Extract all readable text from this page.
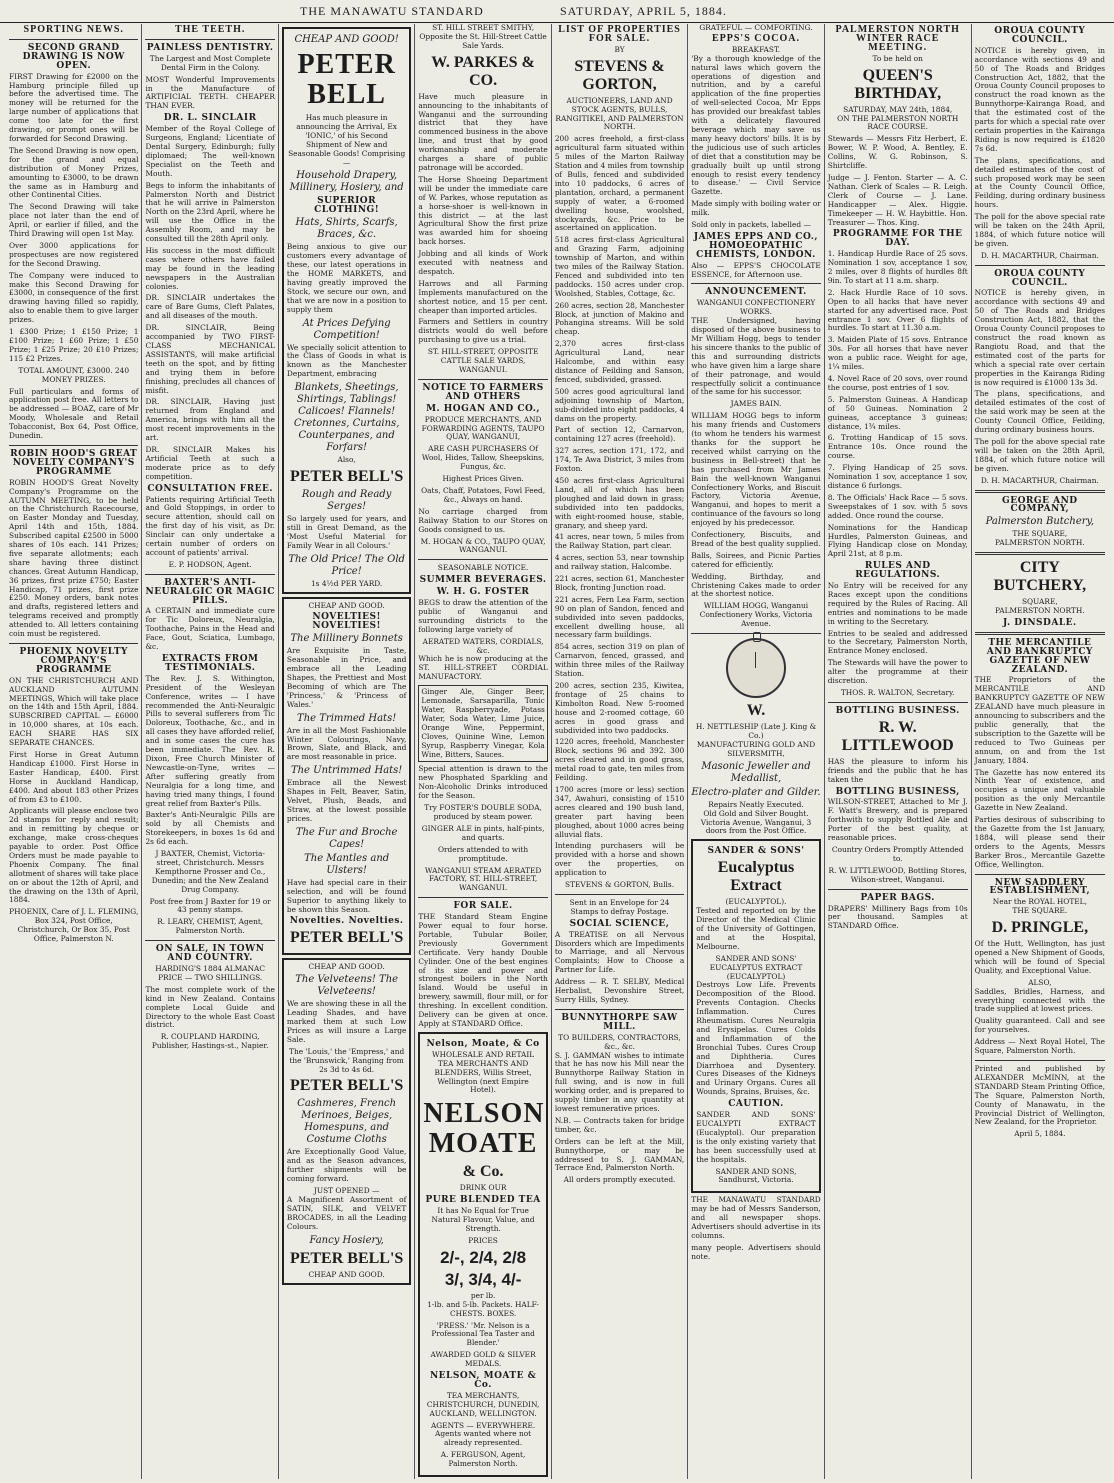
THE MANAWATU STANDARD	SATURDAY, APRIL 5, 1884.
SPORTING NEWS.
SECOND GRAND DRAWING IS NOW OPEN.

FIRST Drawing for £2000 on the Hamburg principle filled up before the advertised time. The money will be returned for the large number of applications that come too late for the first drawing, or prompt ones will be forwarded for Second Drawing.

The Second Drawing is now open, for the grand and equal distribution of Money Prizes, amounting to £3000, to be drawn the same as in Hamburg and other Continental Cities.

The Second Drawing will take place not later than the end of April, or earlier if filled, and the Third Drawing will open 1st May.

Over 3000 applications for prospectuses are now registered for the Second Drawing.

The Company were induced to make this Second Drawing for £3000, in consequence of the first drawing having filled so rapidly, also to enable them to give larger prizes.

1 £300 Prize; 1 £150 Prize; 1 £100 Prize; 1 £60 Prize; 1 £50 Prize; 1 £25 Prize; 20 £10 Prizes; 115 £2 Prizes.

TOTAL AMOUNT, £3000. 240 MONEY PRIZES.

Full particulars and forms of application post free. All letters to be addressed — BOAZ, care of Mr Moody, Wholesale and Retail Tobacconist, Box 64, Post Office, Dunedin.

ROBIN HOOD'S GREAT NOVELTY COMPANY'S PROGRAMME

ROBIN HOOD'S Great Novelty Company's Programme on the AUTUMN MEETING, to be held on the Christchurch Racecourse, on Easter Monday and Tuesday, April 14th and 15th, 1884. Subscribed capital £2500 in 5000 shares of 10s each. 141 Prizes; five separate allotments; each share having three distinct chances. Great Autumn Handicap, 36 prizes, first prize £750; Easter Handicap, 71 prizes, first prize £250. Money orders, bank notes and drafts, registered letters and telegrams received and promptly attended to. All letters containing coin must be registered.

PHOENIX NOVELTY COMPANY'S PROGRAMME

ON THE CHRISTCHURCH AND AUCKLAND AUTUMN MEETINGS, Which will take place on the 14th and 15th April, 1884. SUBSCRIBED CAPITAL — £6000 in 10,000 shares, at 10s each. EACH SHARE HAS SIX SEPARATE CHANCES.

First Horse in Great Autumn Handicap £1000. First Horse in Easter Handicap, £400. First Horse in Auckland Handicap, £400. And about 183 other Prizes of from £3 to £100.

Applicants will please enclose two 2d stamps for reply and result; and in remitting by cheque or exchange, make cross-cheques payable to order. Post Office Orders must be made payable to Phoenix Company. The final allotment of shares will take place on or about the 12th of April, and the drawing on the 13th of April, 1884.

PHOENIX, Care of J. L. FLEMING, Box 324, Post Office, Christchurch, Or Box 35, Post Office, Palmerston N.

THE TEETH.
PAINLESS DENTISTRY.

The Largest and Most Complete Dental Firm in the Colony.

MOST Wonderful Improvements in the Manufacture of ARTIFICIAL TEETH. CHEAPER THAN EVER.

DR. L. SINCLAIR

Member of the Royal College of Surgeons, England; Licentiate of Dental Surgery, Edinburgh; fully diplomaed; The well-known Specialist on the Teeth and Mouth.

Begs to inform the inhabitants of Palmerston North and District that he will arrive in Palmerston North on the 23rd April, where he will use the Office in the Assembly Room, and may be consulted till the 28th April only.

His success in the most difficult cases where others have failed may be found in the leading newspapers in the Australian colonies.

DR. SINCLAIR undertakes the care of Bare Gums, Cleft Palates, and all diseases of the mouth.

DR. SINCLAIR, Being accompanied by TWO FIRST-CLASS MECHANICAL ASSISTANTS, will make artificial teeth on the spot, and by fitting and trying them in before finishing, precludes all chances of misfit.

DR. SINCLAIR, Having just returned from England and America, brings with him all the most recent improvements in the art.

DR. SINCLAIR Makes his Artificial Teeth at such a moderate price as to defy competition.

CONSULTATION FREE.

Patients requiring Artificial Teeth and Gold Stoppings, in order to secure attention, should call on the first day of his visit, as Dr. Sinclair can only undertake a certain number of orders on account of patients' arrival.

E. P. HODSON, Agent.

BAXTER'S ANTI-NEURALGIC OR MAGIC PILLS.

A CERTAIN and immediate cure for Tic Doloreux, Neuralgia, Toothache, Pains in the Head and Face, Gout, Sciatica, Lumbago, &c.

EXTRACTS FROM TESTIMONIALS.

The Rev. J. S. Withington, President of the Wesleyan Conference, writes — I have recommended the Anti-Neuralgic Pills to several sufferers from Tic Doloreux, Toothache, &c., and in all cases they have afforded relief, and in some cases the cure has been immediate. The Rev. R. Dixon, Free Church Minister of Newcastle-on-Tyne, writes — After suffering greatly from Neuralgia for a long time, and having tried many things, I found great relief from Baxter's Pills.

Baxter's Anti-Neuralgic Pills are sold by all Chemists and Storekeepers, in boxes 1s 6d and 2s 6d each.

J BAXTER, Chemist, Victoria-street, Christchurch. Messrs Kempthorne Prosser and Co., Dunedin; and the New Zealand Drug Company.

Post free from J Baxter for 19 or 43 penny stamps.

R. LEARY, CHEMIST, Agent, Palmerston North.

ON SALE, IN TOWN AND COUNTRY.

HARDING'S 1884 ALMANAC PRICE — TWO SHILLINGS.

The most complete work of the kind in New Zealand. Contains complete Local Guide and Directory to the whole East Coast district.

R. COUPLAND HARDING, Publisher, Hastings-st., Napier.

CHEAP AND GOOD!
PETER BELL

Has much pleasure in announcing the Arrival, Ex 'IONIC,' of his Second Shipment of New and Seasonable Goods! Comprising —

Household Drapery, Millinery, Hosiery, and
SUPERIOR CLOTHING!
Hats, Shirts, Scarfs, Braces, &c.

Being anxious to give our customers every advantage of these, our latest operations in the HOME MARKETS, and having greatly improved the Stock, we secure our own, and that we are now in a position to supply them

At Prices Defying Competition!

We specially solicit attention to the Class of Goods in what is known as the Manchester Department, embracing

Blankets, Sheetings, Shirtings, Tablings! Calicoes! Flannels! Cretonnes, Curtains, Counterpanes, and Forfars!
Also,
PETER BELL'S
Rough and Ready Serges!

So largely used for years, and still in Great Demand, as the 'Most Useful Material for Family Wear in all Colours.'

The Old Price! The Old Price!
1s 4½d PER YARD.
CHEAP AND GOOD.
NOVELTIES! NOVELTIES!
The Millinery Bonnets

Are Exquisite in Taste, Seasonable in Price, and embrace all the Leading Shapes, the Prettiest and Most Becoming of which are The 'Princess,' & 'Princess of Wales.'

The Trimmed Hats!

Are in all the Most Fashionable Winter Colourings, Navy, Brown, Slate, and Black, and are most reasonable in price.

The Untrimmed Hats!

Embrace all the Newest Shapes in Felt, Beaver, Satin, Velvet, Plush, Beads, and Straw, at the lowest possible prices.

The Fur and Broche Capes!
The Mantles and Ulsters!

Have had special care in their selection, and will be found Superior to anything likely to be shown this Season.

Novelties. Novelties.
PETER BELL'S
CHEAP AND GOOD.
The Velveteens! The Velveteens!

We are showing these in all the Leading Shades, and have marked them at such Low Prices as will insure a Large Sale.

The 'Louis,' the 'Empress,' and the 'Brunswick,' Ranging from 2s 3d to 4s 6d.

PETER BELL'S
Cashmeres, French Merinoes, Beiges, Homespuns, and Costume Cloths

Are Exceptionally Good Value, and as the Season advances, further shipments will be coming forward.

JUST OPENED —

A Magnificent Assortment of SATIN, SILK, and VELVET BROCADES, in all the Leading Colours.

Fancy Hosiery,
PETER BELL'S
CHEAP AND GOOD.

ST. HILL STREET SMITHY, Opposite the St. Hill-Street Cattle Sale Yards.

W. PARKES & CO.

Have much pleasure in announcing to the inhabitants of Wanganui and the surrounding district that they have commenced business in the above line, and trust that by good workmanship and moderate charges a share of public patronage will be accorded.

The Horse Shoeing Department will be under the immediate care of W. Parkes, whose reputation as a horse-shoer is well-known in this district — at the last Agricultural Show the first prize was awarded him for shoeing back horses.

Jobbing and all kinds of Work executed with neatness and despatch.

Harrows and all Farming Implements manufactured on the shortest notice, and 15 per cent. cheaper than imported articles.

Farmers and Settlers in country districts would do well before purchasing to give us a trial.

ST. HILL-STREET, OPPOSITE CATTLE SALE YARDS, WANGANUI.

NOTICE TO FARMERS AND OTHERS
M. HOGAN AND CO.,

PRODUCE MERCHANTS, AND FORWARDING AGENTS, TAUPO QUAY, WANGANUI,

ARE CASH PURCHASERS Of Wool, Hides, Tallow, Sheepskins, Fungus, &c.

Highest Prices Given.

Oats, Chaff, Potatoes, Fowl Feed, &c., Always on hand.

No carriage charged from Railway Station to our Stores on Goods consigned to us.

M. HOGAN & CO., TAUPO QUAY, WANGANUI.

SEASONABLE NOTICE.
SUMMER BEVERAGES.
W. H. G. FOSTER

BEGS to draw the attention of the public of Wanganui and surrounding districts to the following large variety of

AERATED WATERS, CORDIALS, &c.

Which he is now producing at the ST. HILL-STREET CORDIAL MANUFACTORY.

Ginger Ale, Ginger Beer, Lemonade, Sarsaparilla, Tonic Water, Raspberryade, Potass Water, Soda Water, Lime Juice, Orange Wine, Peppermint, Cloves, Quinine Wine, Lemon Syrup, Raspberry Vinegar, Kola Wine, Bitters, Sauces.

Special attention is drawn to the new Phosphated Sparkling and Non-Alcoholic Drinks introduced for the Season.

Try FOSTER'S DOUBLE SODA, produced by steam power.

GINGER ALE in pints, half-pints, and quarts.

Orders attended to with promptitude.

WANGANUI STEAM AERATED FACTORY, ST. HILL-STREET, WANGANUI.

FOR SALE.

THE Standard Steam Engine Power equal to four horse. Portable, Tubular Boiler, Previously Government Certificate. Very handy Double Cylinder. One of the best engines of its size and power and strongest boilers in the North Island. Would be useful in brewery, sawmill, flour mill, or for threshing. In excellent condition. Delivery can be given at once. Apply at STANDARD Office.

Nelson, Moate, & Co

WHOLESALE AND RETAIL TEA MERCHANTS AND BLENDERS, Willis Street, Wellington (next Empire Hotel).

NELSON MOATE
& Co.
DRINK OUR
PURE BLENDED TEA

It has No Equal for True Natural Flavour, Value, and Strength.

PRICES
2/-, 2/4, 2/8
3/, 3/4, 4/-
per lb.

1-lb. and 5-lb. Packets. HALF-CHESTS. BOXES.

'PRESS.' 'Mr. Nelson is a Professional Tea Taster and Blender.'

AWARDED GOLD & SILVER MEDALS.
NELSON, MOATE & Co.

TEA MERCHANTS, CHRISTCHURCH, DUNEDIN, AUCKLAND, WELLINGTON.

AGENTS — EVERYWHERE.

Agents wanted where not already represented.

A. FERGUSON, Agent, Palmerston North.

LIST OF PROPERTIES FOR SALE.
BY
STEVENS & GORTON,

AUCTIONEERS, LAND AND STOCK AGENTS, BULLS, RANGITIKEI, AND PALMERSTON NORTH.

200 acres freehold, a first-class agricultural farm situated within 5 miles of the Marton Railway Station and 4 miles from township of Bulls, fenced and subdivided into 10 paddocks, 6 acres of plantation, orchard, a permanent supply of water, a 6-roomed dwelling house, woolshed, stockyards, &c. Price to be ascertained on application.

518 acres first-class Agricultural and Grazing Farm, adjoining township of Marton, and within two miles of the Railway Station. Fenced and subdivided into ten paddocks. 150 acres under crop. Woolshed, Stables, Cottage, &c.

260 acres, section 28, Manchester Block, at junction of Makino and Pohangina streams. Will be sold cheap.

2,370 acres first-class Agricultural Land, near Halcombe, and within easy distance of Feilding and Sanson, fenced, subdivided, grassed.

500 acres good agricultural land adjoining township of Marton, sub-divided into eight paddocks, 4 dams on the property.

Part of section 12, Carnarvon, containing 127 acres (freehold).

327 acres, section 171, 172, and 174, Te Awa District, 3 miles from Foxton.

450 acres first-class Agricultural Land, all of which has been ploughed and laid down in grass; subdivided into ten paddocks, with eight-roomed house, stable, granary, and sheep yard.

41 acres, near town, 5 miles from the Railway Station, part clear.

4 acres, section 53, near township and railway station, Halcombe.

221 acres, section 61, Manchester Block, fronting Junction road.

221 acres, Fern Lea Farm, section 90 on plan of Sandon, fenced and subdivided into seven paddocks, excellent dwelling house, all necessary farm buildings.

854 acres, section 319 on plan of Carnarvon, fenced, grassed, and within three miles of the Railway Station.

200 acres, section 235, Kiwitea, frontage of 25 chains to Kimbolton Road. New 5-roomed house and 2-roomed cottage, 60 acres in good grass and subdivided into two paddocks.

1220 acres, freehold, Manchester Block, sections 96 and 392. 300 acres cleared and in good grass, metal road to gate, ten miles from Feilding.

1700 acres (more or less) section 347, Awahuri, consisting of 1510 acres cleared and 190 bush land, greater part having been ploughed, about 1000 acres being alluvial flats.

Intending purchasers will be provided with a horse and shown over the properties, on application to

STEVENS & GORTON, Bulls.

Sent in an Envelope for 24 Stamps to defray Postage.

SOCIAL SCIENCE,

A TREATISE on all Nervous Disorders which are Impediments to Marriage, and all Nervous Complaints; How to Choose a Partner for Life.

Address — R. T. SELBY, Medical Herbalist, Devonshire Street, Surry Hills, Sydney.

BUNNYTHORPE SAW MILL.
TO BUILDERS, CONTRACTORS, &c., &c.

S. J. GAMMAN wishes to intimate that he has now his Mill near the Bunnythorpe Railway Station in full swing, and is now in full working order, and is prepared to supply timber in any quantity at lowest remunerative prices.

N.B. — Contracts taken for bridge timber, &c.

Orders can be left at the Mill, Bunnythorpe, or may be addressed to S. J. GAMMAN, Terrace End, Palmerston North.

All orders promptly executed.

GRATEFUL — COMFORTING.
EPPS'S COCOA.
BREAKFAST.

'By a thorough knowledge of the natural laws which govern the operations of digestion and nutrition, and by a careful application of the fine properties of well-selected Cocoa, Mr Epps has provided our breakfast tables with a delicately flavoured beverage which may save us many heavy doctors' bills. It is by the judicious use of such articles of diet that a constitution may be gradually built up until strong enough to resist every tendency to disease.' — Civil Service Gazette.

Made simply with boiling water or milk.

Sold only in packets, labelled —

JAMES EPPS AND CO., HOMOEOPATHIC CHEMISTS, LONDON.

Also — EPPS'S CHOCOLATE ESSENCE, for Afternoon use.

ANNOUNCEMENT.
WANGANUI CONFECTIONERY WORKS.

THE Undersigned, having disposed of the above business to Mr William Hogg, begs to tender his sincere thanks to the public of this and surrounding districts who have given him a large share of their patronage, and would respectfully solicit a continuance of the same for his successor.

JAMES BAIN.

WILLIAM HOGG begs to inform his many friends and Customers (to whom he tenders his warmest thanks for the support he received whilst carrying on the business in Bell-street) that he has purchased from Mr James Bain the well-known Wanganui Confectionery Works, and Biscuit Factory, Victoria Avenue, Wanganui, and hopes to merit a continuance of the favours so long enjoyed by his predecessor.

Confectionery, Biscuits, and Bread of the best quality supplied.

Balls, Soirees, and Picnic Parties catered for efficiently.

Wedding, Birthday, and Christening Cakes made to order at the shortest notice.

WILLIAM HOGG, Wanganui Confectionery Works, Victoria Avenue.

W.
H. NETTLESHIP (Late J. King & Co.)
MANUFACTURING GOLD AND SILVERSMITH,
Masonic Jeweller and Medallist,
Electro-plater and Gilder.
Repairs Neatly Executed.
Old Gold and Silver Bought.

Victoria Avenue, Wanganui, 3 doors from the Post Office.

SANDER & SONS'
Eucalyptus Extract
(EUCALYPTOL).

Tested and reported on by the Director of the Medical Clinic of the University of Gottingen, and at the Hospital, Melbourne.

SANDER AND SONS' EUCALYPTUS EXTRACT (EUCALYPTOL)

Destroys Low Life. Prevents Decomposition of the Blood. Prevents Contagion. Checks Inflammation. Cures Rheumatism. Cures Neuralgia and Erysipelas. Cures Colds and Inflammation of the Bronchial Tubes. Cures Croup and Diphtheria. Cures Diarrhoea and Dysentery. Cures Diseases of the Kidneys and Urinary Organs. Cures all Wounds, Sprains, Bruises, &c.

CAUTION.

SANDER AND SONS' EUCALYPTI EXTRACT (Eucalyptol). Our preparation is the only existing variety that has been successfully used at the hospitals.

SANDER AND SONS, Sandhurst, Victoria.

THE MANAWATU STANDARD may be had of Messrs Sanderson, and all newspaper shops. Advertisers should advertise in its columns.

many people. Advertisers should note.

PALMERSTON NORTH WINTER RACE MEETING.
To be held on
QUEEN'S BIRTHDAY,
SATURDAY, MAY 24th, 1884,

ON THE PALMERSTON NORTH RACE COURSE.

Stewards — Messrs Fitz Herbert, E. Bower, W. P. Wood, A. Bentley, E. Collins, W. G. Robinson, S. Shirtcliffe.

Judge — J. Fenton. Starter — A. C. Nathan. Clerk of Scales — R. Leigh. Clerk of Course — J. Lane. Handicapper — Alex. Higgie. Timekeeper — H. W. Haybittle. Hon. Treasurer — Thos. King.

PROGRAMME FOR THE DAY.

1. Handicap Hurdle Race of 25 sovs. Nomination 1 sov, acceptance 1 sov, 2 miles, over 8 flights of hurdles 8ft 9in. To start at 11 a.m. sharp.

2. Hack Hurdle Race of 10 sovs. Open to all hacks that have never started for any advertised race. Post entrance 1 sov. Over 6 flights of hurdles. To start at 11.30 a.m.

3. Maiden Plate of 15 sovs. Entrance 30s. For all horses that have never won a public race. Weight for age, 1¼ miles.

4. Novel Race of 20 sovs, over round the course, post entries of 1 sov.

5. Palmerston Guineas. A Handicap of 50 Guineas. Nomination 2 guineas, acceptance 3 guineas; distance, 1¾ miles.

6. Trotting Handicap of 15 sovs. Entrance 10s. Once round the course.

7. Flying Handicap of 25 sovs. Nomination 1 sov, acceptance 1 sov, distance 6 furlongs.

8. The Officials' Hack Race — 5 sovs. Sweepstakes of 1 sov. with 5 sovs added. Once round the course.

Nominations for the Handicap Hurdles, Palmerston Guineas, and Flying Handicap close on Monday, April 21st, at 8 p.m.

RULES AND REGULATIONS.

No Entry will be received for any Races except upon the conditions required by the Rules of Racing. All entries and nominations to be made in writing to the Secretary.

Entries to be sealed and addressed to the Secretary, Palmerston North, Entrance Money enclosed.

The Stewards will have the power to alter the programme at their discretion.

THOS. R. WALTON, Secretary.

BOTTLING BUSINESS.
R. W. LITTLEWOOD

HAS the pleasure to inform his friends and the public that he has taken the

BOTTLING BUSINESS,

WILSON-STREET, Attached to Mr J. F. Watt's Brewery, and is prepared forthwith to supply Bottled Ale and Porter of the best quality, at reasonable prices.

Country Orders Promptly Attended to.

R. W. LITTLEWOOD, Bottling Stores, Wilson-street, Wanganui.

PAPER BAGS.

DRAPERS' Millinery Bags from 10s per thousand. Samples at STANDARD Office.

OROUA COUNTY COUNCIL.

NOTICE is hereby given, in accordance with sections 49 and 50 of The Roads and Bridges Construction Act, 1882, that the Oroua County Council proposes to construct the road known as the Bunnythorpe-Kairanga Road, and that the estimated cost of the parts for which a special rate over certain properties in the Kairanga Riding is now required is £1820 7s 6d.

The plans, specifications, and detailed estimates of the cost of such proposed work may be seen at the County Council Office, Feilding, during ordinary business hours.

The poll for the above special rate will be taken on the 24th April, 1884, of which future notice will be given.

D. H. MACARTHUR, Chairman.

OROUA COUNTY COUNCIL.

NOTICE is hereby given, in accordance with sections 49 and 50 of The Roads and Bridges Construction Act, 1882, that the Oroua County Council proposes to construct the road known as Rangiotu Road, and that the estimated cost of the parts for which a special rate over certain properties in the Kairanga Riding is now required is £1000 13s 3d.

The plans, specifications, and detailed estimates of the cost of the said work may be seen at the County Council Office, Feilding, during ordinary business hours.

The poll for the above special rate will be taken on the 28th April, 1884, of which future notice will be given.

D. H. MACARTHUR, Chairman.

GEORGE AND COMPANY,
Palmerston Butchery,
THE SQUARE,
PALMERSTON NORTH.
CITY BUTCHERY,
SQUARE,
PALMERSTON NORTH.
J. DINSDALE.
THE MERCANTILE AND BANKRUPTCY GAZETTE OF NEW ZEALAND.

THE Proprietors of the MERCANTILE AND BANKRUPTCY GAZETTE OF NEW ZEALAND have much pleasure in announcing to subscribers and the public generally, that the subscription to the Gazette will be reduced to Two Guineas per annum, on and from the 1st January, 1884.

The Gazette has now entered its Ninth Year of existence, and occupies a unique and valuable position as the only Mercantile Gazette in New Zealand.

Parties desirous of subscribing to the Gazette from the 1st January, 1884, will please send their orders to the Agents, Messrs Barker Bros., Mercantile Gazette Office, Wellington.

NEW SADDLERY ESTABLISHMENT,
Near the ROYAL HOTEL,
THE SQUARE.
D. PRINGLE,

Of the Hutt, Wellington, has just opened a New Shipment of Goods, which will be found of Special Quality, and Exceptional Value.

ALSO,

Saddles, Bridles, Harness, and everything connected with the trade supplied at lowest prices.

Quality guaranteed. Call and see for yourselves.

Address — Next Royal Hotel, The Square, Palmerston North.

Printed and published by ALEXANDER McMINN, at the STANDARD Steam Printing Office, The Square, Palmerston North, County of Manawatu, in the Provincial District of Wellington, New Zealand, for the Proprietor.

April 5, 1884.
